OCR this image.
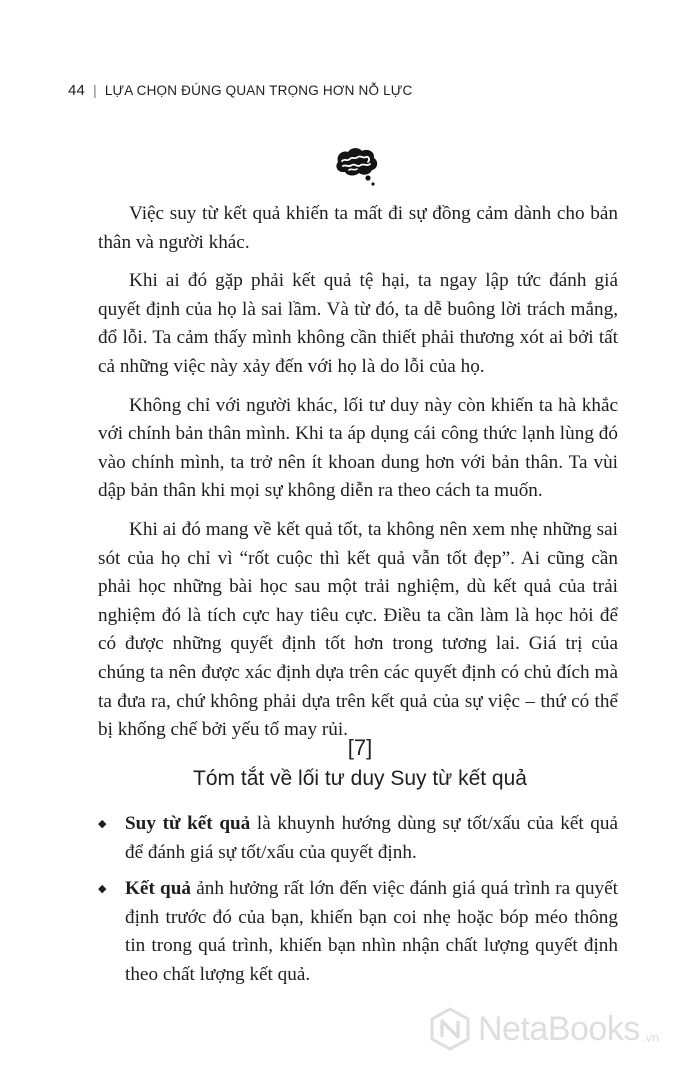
44 | LỰA CHỌN ĐÚNG QUAN TRỌNG HƠN NỖ LỰC

Việc suy từ kết quả khiến ta mất đi sự đồng cảm dành cho bản thân và người khác.

Khi ai đó gặp phải kết quả tệ hại, ta ngay lập tức đánh giá quyết định của họ là sai lầm. Và từ đó, ta dễ buông lời trách mắng, đổ lỗi. Ta cảm thấy mình không cần thiết phải thương xót ai bởi tất cả những việc này xảy đến với họ là do lỗi của họ.

Không chỉ với người khác, lối tư duy này còn khiến ta hà khắc với chính bản thân mình. Khi ta áp dụng cái công thức lạnh lùng đó vào chính mình, ta trở nên ít khoan dung hơn với bản thân. Ta vùi dập bản thân khi mọi sự không diễn ra theo cách ta muốn.

Khi ai đó mang về kết quả tốt, ta không nên xem nhẹ những sai sót của họ chỉ vì “rốt cuộc thì kết quả vẫn tốt đẹp”. Ai cũng cần phải học những bài học sau một trải nghiệm, dù kết quả của trải nghiệm đó là tích cực hay tiêu cực. Điều ta cần làm là học hỏi để có được những quyết định tốt hơn trong tương lai. Giá trị của chúng ta nên được xác định dựa trên các quyết định có chủ đích mà ta đưa ra, chứ không phải dựa trên kết quả của sự việc – thứ có thể bị khống chế bởi yếu tố may rủi.

[7]
Tóm tắt về lối tư duy Suy từ kết quả
◆ Suy từ kết quả là khuynh hướng dùng sự tốt/xấu của kết quả để đánh giá sự tốt/xấu của quyết định.
◆ Kết quả ảnh hưởng rất lớn đến việc đánh giá quá trình ra quyết định trước đó của bạn, khiến bạn coi nhẹ hoặc bóp méo thông tin trong quá trình, khiến bạn nhìn nhận chất lượng quyết định theo chất lượng kết quả.
NetaBooks .vn
